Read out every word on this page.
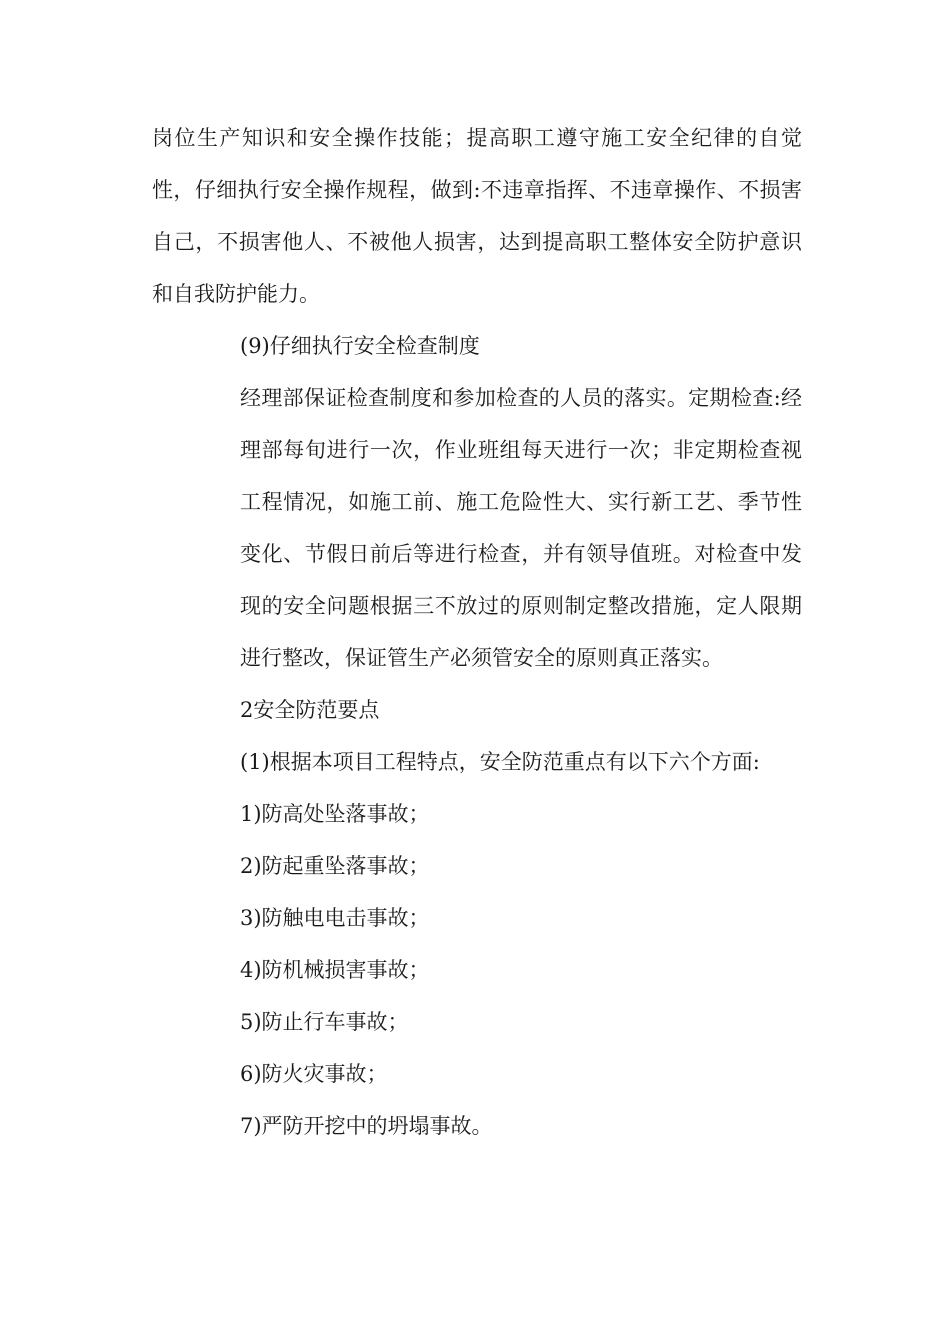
岗位生产知识和安全操作技能；提高职工遵守施工安全纪律的自觉性，仔细执行安全操作规程，做到:不违章指挥、不违章操作、不损害自己，不损害他人、不被他人损害，达到提高职工整体安全防护意识和自我防护能力。

(9)仔细执行安全检查制度

经理部保证检查制度和参加检查的人员的落实。定期检查:经理部每旬进行一次，作业班组每天进行一次；非定期检查视工程情况，如施工前、施工危险性大、实行新工艺、季节性变化、节假日前后等进行检查，并有领导值班。对检查中发现的安全问题根据三不放过的原则制定整改措施，定人限期进行整改，保证管生产必须管安全的原则真正落实。

2安全防范要点

(1)根据本项目工程特点，安全防范重点有以下六个方面:

1)防高处坠落事故；

2)防起重坠落事故；

3)防触电电击事故；

4)防机械损害事故；

5)防止行车事故；

6)防火灾事故；

7)严防开挖中的坍塌事故。
